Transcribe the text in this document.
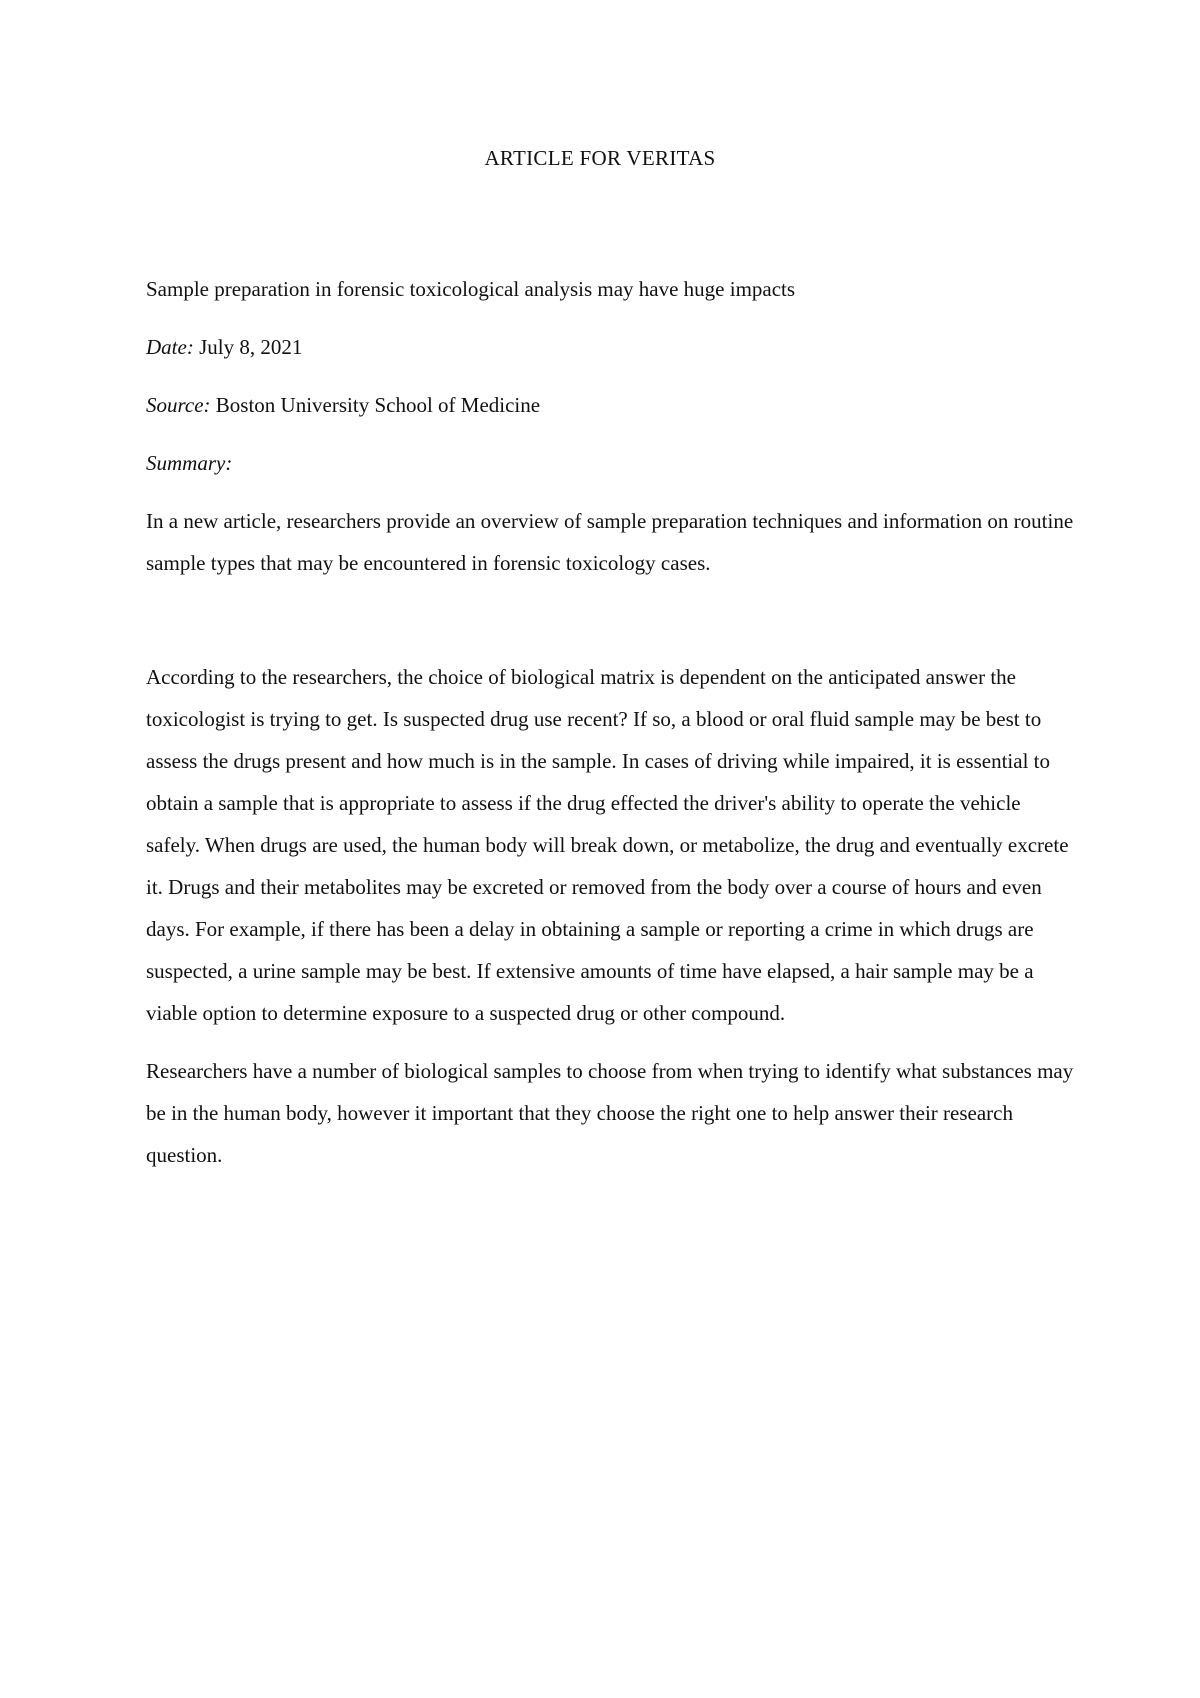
ARTICLE FOR VERITAS

Sample preparation in forensic toxicological analysis may have huge impacts

Date: July 8, 2021

Source: Boston University School of Medicine

Summary:

In a new article, researchers provide an overview of sample preparation techniques and information on routine sample types that may be encountered in forensic toxicology cases.

According to the researchers, the choice of biological matrix is dependent on the anticipated answer the toxicologist is trying to get. Is suspected drug use recent? If so, a blood or oral fluid sample may be best to assess the drugs present and how much is in the sample. In cases of driving while impaired, it is essential to obtain a sample that is appropriate to assess if the drug effected the driver's ability to operate the vehicle safely. When drugs are used, the human body will break down, or metabolize, the drug and eventually excrete it. Drugs and their metabolites may be excreted or removed from the body over a course of hours and even days. For example, if there has been a delay in obtaining a sample or reporting a crime in which drugs are suspected, a urine sample may be best. If extensive amounts of time have elapsed, a hair sample may be a viable option to determine exposure to a suspected drug or other compound.

Researchers have a number of biological samples to choose from when trying to identify what substances may be in the human body, however it important that they choose the right one to help answer their research question.
